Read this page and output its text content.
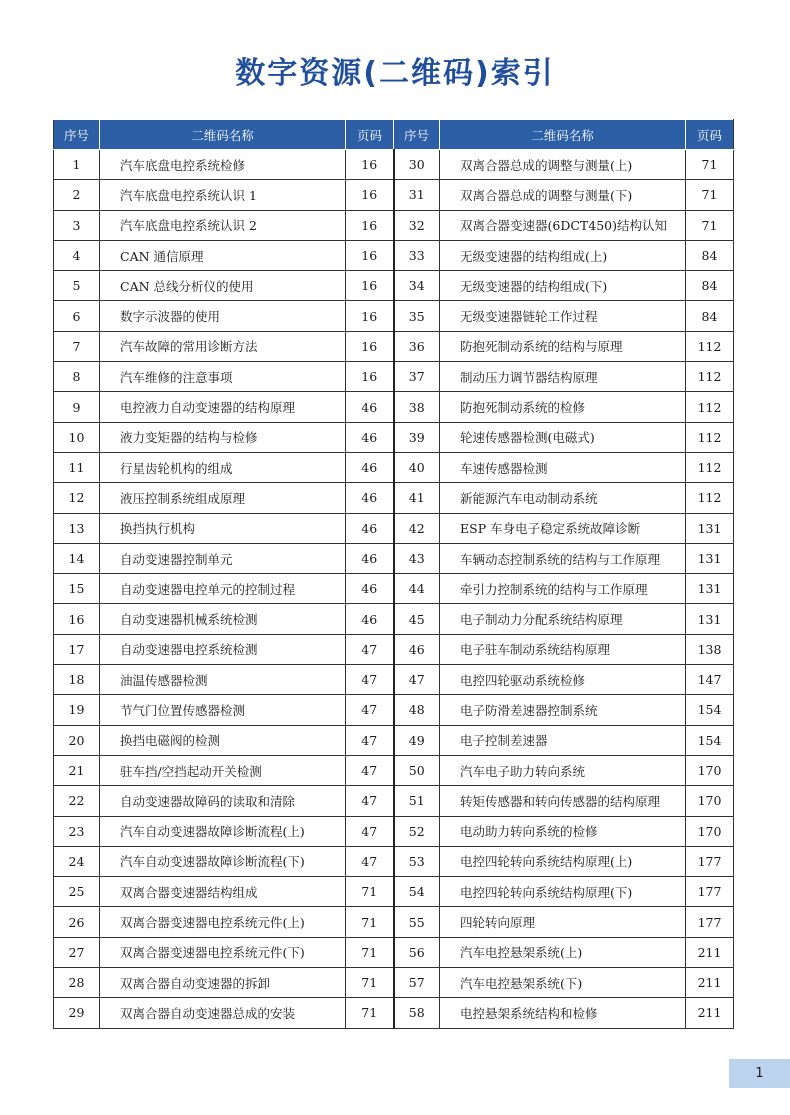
数字资源(二维码)索引
序号	二维码名称	页码	序号	二维码名称	页码
1	汽车底盘电控系统检修	16	30	双离合器总成的调整与测量(上)	71
2	汽车底盘电控系统认识 1	16	31	双离合器总成的调整与测量(下)	71
3	汽车底盘电控系统认识 2	16	32	双离合器变速器(6DCT450)结构认知	71
4	CAN 通信原理	16	33	无级变速器的结构组成(上)	84
5	CAN 总线分析仪的使用	16	34	无级变速器的结构组成(下)	84
6	数字示波器的使用	16	35	无级变速器链轮工作过程	84
7	汽车故障的常用诊断方法	16	36	防抱死制动系统的结构与原理	112
8	汽车维修的注意事项	16	37	制动压力调节器结构原理	112
9	电控液力自动变速器的结构原理	46	38	防抱死制动系统的检修	112
10	液力变矩器的结构与检修	46	39	轮速传感器检测(电磁式)	112
11	行星齿轮机构的组成	46	40	车速传感器检测	112
12	液压控制系统组成原理	46	41	新能源汽车电动制动系统	112
13	换挡执行机构	46	42	ESP 车身电子稳定系统故障诊断	131
14	自动变速器控制单元	46	43	车辆动态控制系统的结构与工作原理	131
15	自动变速器电控单元的控制过程	46	44	牵引力控制系统的结构与工作原理	131
16	自动变速器机械系统检测	46	45	电子制动力分配系统结构原理	131
17	自动变速器电控系统检测	47	46	电子驻车制动系统结构原理	138
18	油温传感器检测	47	47	电控四轮驱动系统检修	147
19	节气门位置传感器检测	47	48	电子防滑差速器控制系统	154
20	换挡电磁阀的检测	47	49	电子控制差速器	154
21	驻车挡/空挡起动开关检测	47	50	汽车电子助力转向系统	170
22	自动变速器故障码的读取和清除	47	51	转矩传感器和转向传感器的结构原理	170
23	汽车自动变速器故障诊断流程(上)	47	52	电动助力转向系统的检修	170
24	汽车自动变速器故障诊断流程(下)	47	53	电控四轮转向系统结构原理(上)	177
25	双离合器变速器结构组成	71	54	电控四轮转向系统结构原理(下)	177
26	双离合器变速器电控系统元件(上)	71	55	四轮转向原理	177
27	双离合器变速器电控系统元件(下)	71	56	汽车电控悬架系统(上)	211
28	双离合器自动变速器的拆卸	71	57	汽车电控悬架系统(下)	211
29	双离合器自动变速器总成的安装	71	58	电控悬架系统结构和检修	211
1
